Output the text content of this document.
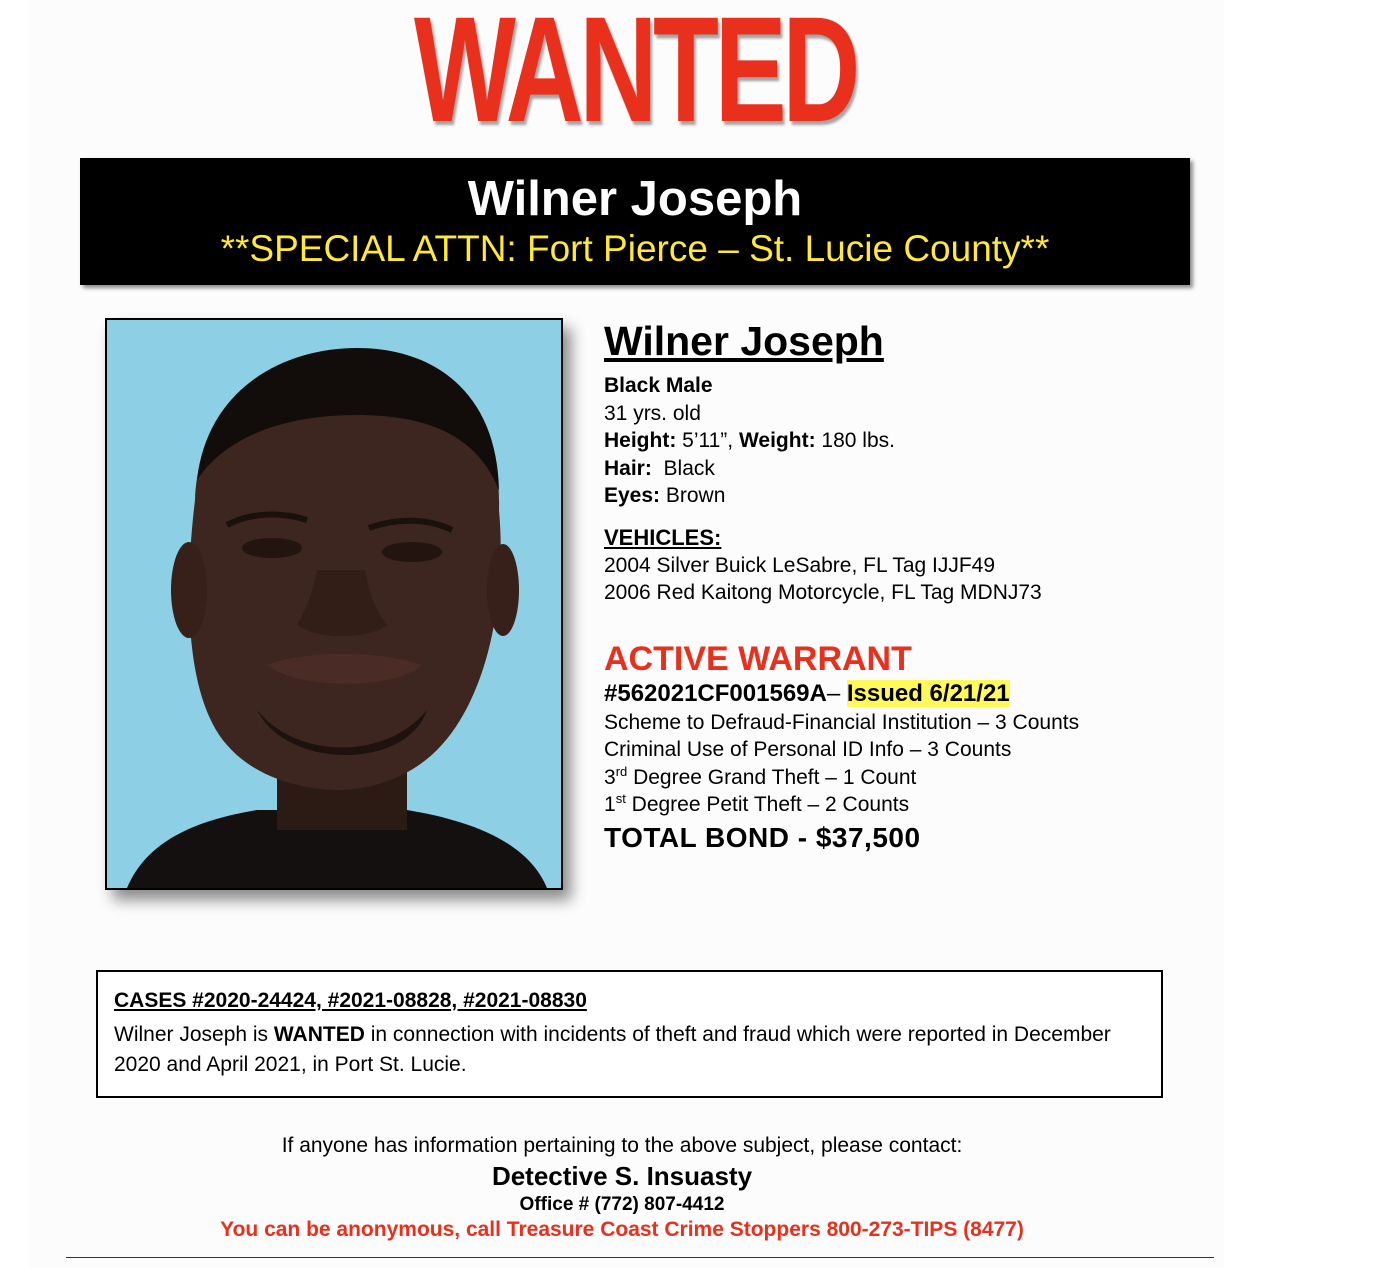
WANTED
Wilner Joseph
**SPECIAL ATTN: Fort Pierce – St. Lucie County**
Wilner Joseph
Black Male
31 yrs. old
Height: 5’11”, Weight: 180 lbs.
Hair:  Black
Eyes: Brown
VEHICLES:
2004 Silver Buick LeSabre, FL Tag IJJF49
2006 Red Kaitong Motorcycle, FL Tag MDNJ73
ACTIVE WARRANT
#562021CF001569A– Issued 6/21/21
Scheme to Defraud-Financial Institution – 3 Counts
Criminal Use of Personal ID Info – 3 Counts
3rd Degree Grand Theft – 1 Count
1st Degree Petit Theft – 2 Counts
TOTAL BOND - $37,500
CASES #2020-24424, #2021-08828, #2021-08830
Wilner Joseph is WANTED in connection with incidents of theft and fraud which were reported in December 2020 and April 2021, in Port St. Lucie.
If anyone has information pertaining to the above subject, please contact:
Detective S. Insuasty
Office # (772) 807-4412
You can be anonymous, call Treasure Coast Crime Stoppers 800-273-TIPS (8477)
